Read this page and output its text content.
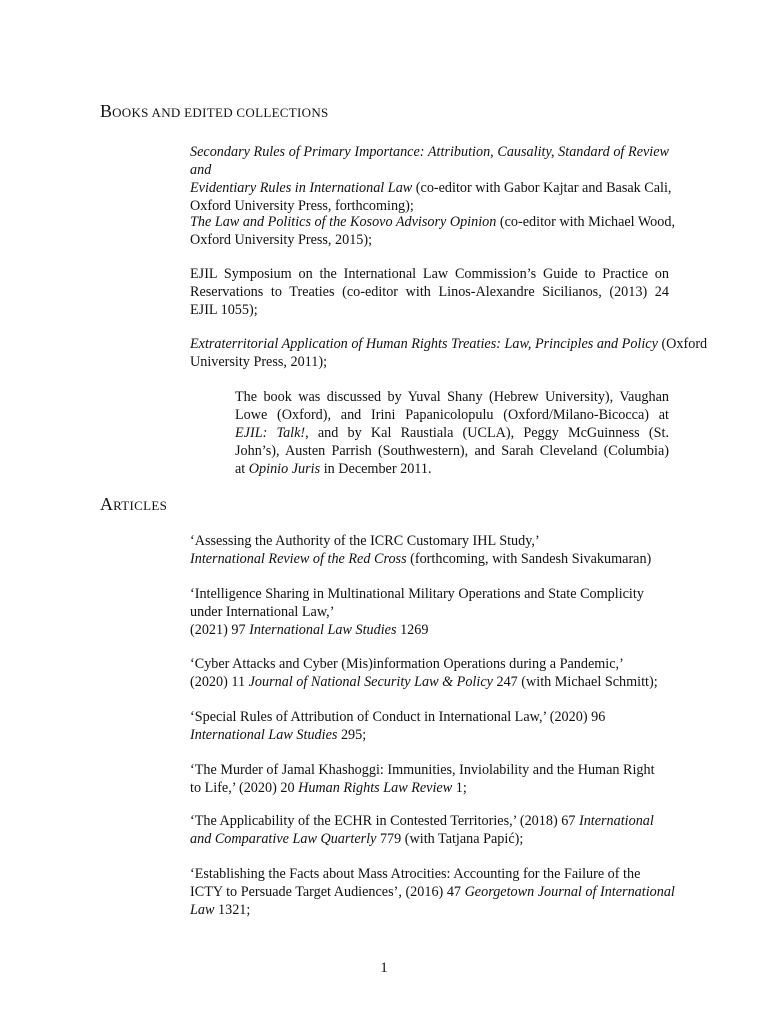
BOOKS AND EDITED COLLECTIONS

Secondary Rules of Primary Importance: Attribution, Causality, Standard of Review and
Evidentiary Rules in International Law (co-editor with Gabor Kajtar and Basak Cali,
Oxford University Press, forthcoming);

The Law and Politics of the Kosovo Advisory Opinion (co-editor with Michael Wood,
Oxford University Press, 2015);

EJIL Symposium on the International Law Commission’s Guide to Practice on
Reservations to Treaties (co-editor with Linos-Alexandre Sicilianos, (2013) 24
EJIL 1055);

Extraterritorial Application of Human Rights Treaties: Law, Principles and Policy (Oxford
University Press, 2011);

The book was discussed by Yuval Shany (Hebrew University), Vaughan
Lowe (Oxford), and Irini Papanicolopulu (Oxford/Milano-Bicocca) at
EJIL: Talk!, and by Kal Raustiala (UCLA), Peggy McGuinness (St.
John’s), Austen Parrish (Southwestern), and Sarah Cleveland (Columbia)
at Opinio Juris in December 2011.

ARTICLES

‘Assessing the Authority of the ICRC Customary IHL Study,’
International Review of the Red Cross (forthcoming, with Sandesh Sivakumaran)

‘Intelligence Sharing in Multinational Military Operations and State Complicity
under International Law,’
(2021) 97 International Law Studies 1269

‘Cyber Attacks and Cyber (Mis)information Operations during a Pandemic,’
(2020) 11 Journal of National Security Law & Policy 247 (with Michael Schmitt);

‘Special Rules of Attribution of Conduct in International Law,’ (2020) 96
International Law Studies 295;

‘The Murder of Jamal Khashoggi: Immunities, Inviolability and the Human Right
to Life,’ (2020) 20 Human Rights Law Review 1;

‘The Applicability of the ECHR in Contested Territories,’ (2018) 67 International
and Comparative Law Quarterly 779 (with Tatjana Papić);

‘Establishing the Facts about Mass Atrocities: Accounting for the Failure of the
ICTY to Persuade Target Audiences’, (2016) 47 Georgetown Journal of International
Law 1321;

1
